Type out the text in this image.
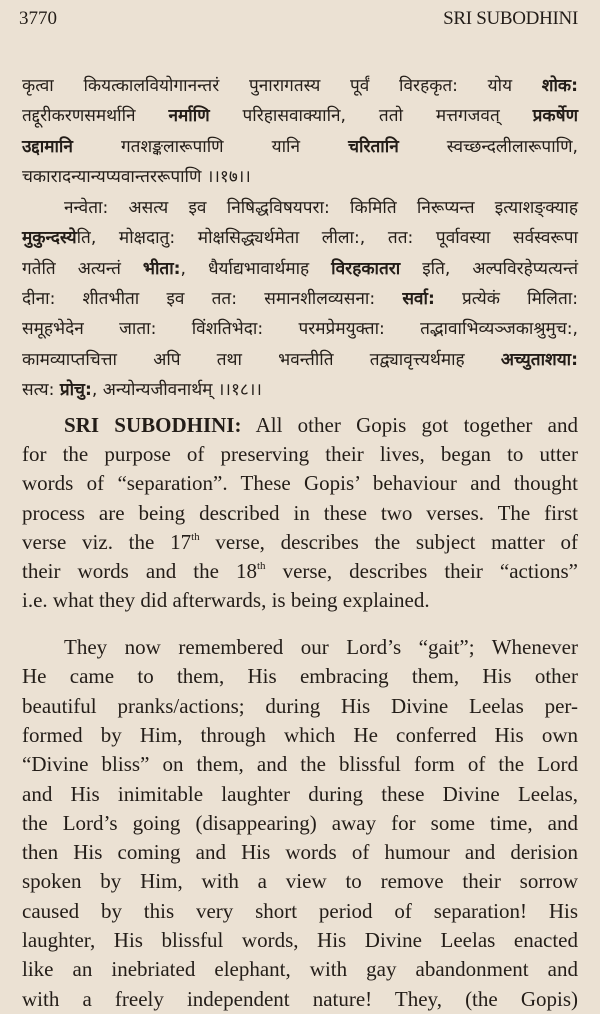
3770	SRI SUBODHINI
कृत्वा कियत्कालवियोगानन्तरं पुनारागतस्य पूर्वं विरहकृत: योय शोक:
तद्दूरीकरणसमर्थानि नर्माणि परिहासवाक्यानि, ततो मत्तगजवत् प्रकर्षेण
उद्दामानि गतशङ्कलारूपाणि यानि चरितानि स्वच्छन्दलीलारूपाणि,
चकारादन्यान्यप्यवान्तररूपाणि ।।१७।।
नन्वेता: असत्य इव निषिद्धविषयपरा: किमिति निरूप्यन्त इत्याशङ्क्याह
मुकुन्दस्येति, मोक्षदातु: मोक्षसिद्ध्यर्थमेता लीला:, तत: पूर्वावस्या सर्वस्वरूपा
गतेति अत्यन्तं भीता:, धैर्याद्यभावार्थमाह विरहकातरा इति, अल्पविरहेप्यत्यन्तं
दीना: शीतभीता इव तत: समानशीलव्यसना: सर्वा: प्रत्येकं मिलिता:
समूहभेदेन जाता: विंशतिभेदा: परमप्रेमयुक्ता: तद्भावाभिव्यञ्जकाश्रुमुच:,
कामव्याप्तचित्ता अपि तथा भवन्तीति तद्व्यावृत्त्यर्थमाह अच्युताशया:
सत्य: प्रोचु:, अन्योन्यजीवनार्थम् ।।१८।।
SRI SUBODHINI: All other Gopis got together and
for the purpose of preserving their lives, began to utter
words of “separation”. These Gopis’ behaviour and thought
process are being described in these two verses. The first
verse viz. the 17th verse, describes the subject matter of
their words and the 18th verse, describes their “actions”
i.e. what they did afterwards, is being explained.
They now remembered our Lord’s “gait”; Whenever
He came to them, His embracing them, His other
beautiful pranks/actions; during His Divine Leelas per-
formed by Him, through which He conferred His own
“Divine bliss” on them, and the blissful form of the Lord
and His inimitable laughter during these Divine Leelas,
the Lord’s going (disappearing) away for some time, and
then His coming and His words of humour and derision
spoken by Him, with a view to remove their sorrow
caused by this very short period of separation! His
laughter, His blissful words, His Divine Leelas enacted
like an inebriated elephant, with gay abandonment and
with a freely independent nature! They, (the Gopis)
